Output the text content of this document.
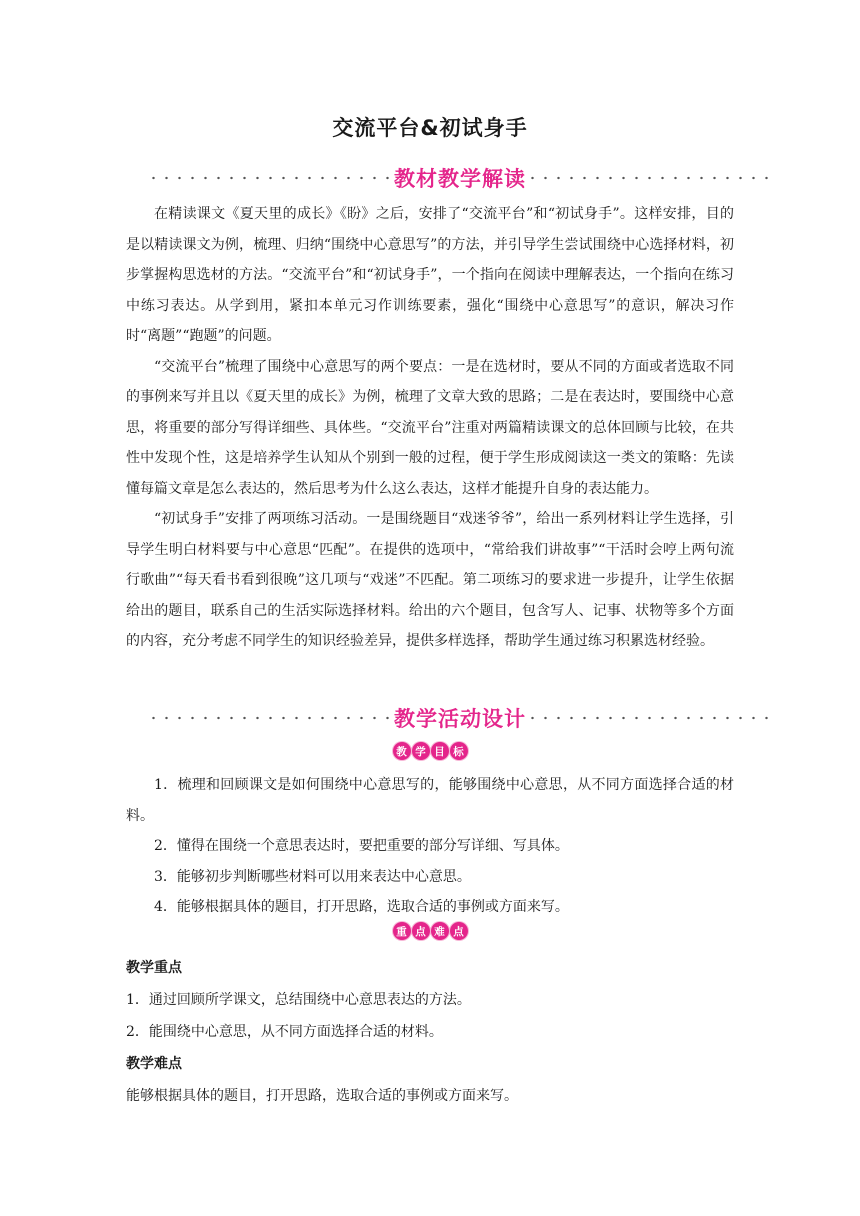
交流平台&初试身手
教材教学解读

在精读课文《夏天里的成长》《盼》之后，安排了“交流平台”和“初试身手”。这样安排，目的是以精读课文为例，梳理、归纳“围绕中心意思写”的方法，并引导学生尝试围绕中心选择材料，初步掌握构思选材的方法。“交流平台”和“初试身手”，一个指向在阅读中理解表达，一个指向在练习中练习表达。从学到用，紧扣本单元习作训练要素，强化“围绕中心意思写”的意识，解决习作时“离题”“跑题”的问题。

“交流平台”梳理了围绕中心意思写的两个要点：一是在选材时，要从不同的方面或者选取不同的事例来写并且以《夏天里的成长》为例，梳理了文章大致的思路；二是在表达时，要围绕中心意思，将重要的部分写得详细些、具体些。“交流平台”注重对两篇精读课文的总体回顾与比较，在共性中发现个性，这是培养学生认知从个别到一般的过程，便于学生形成阅读这一类文的策略：先读懂每篇文章是怎么表达的，然后思考为什么这么表达，这样才能提升自身的表达能力。

“初试身手”安排了两项练习活动。一是围绕题目“戏迷爷爷”，给出一系列材料让学生选择，引导学生明白材料要与中心意思“匹配”。在提供的选项中，“常给我们讲故事”“干活时会哼上两句流行歌曲”“每天看书看到很晚”这几项与“戏迷”不匹配。第二项练习的要求进一步提升，让学生依据给出的题目，联系自己的生活实际选择材料。给出的六个题目，包含写人、记事、状物等多个方面的内容，充分考虑不同学生的知识经验差异，提供多样选择，帮助学生通过练习积累选材经验。

教学活动设计
教 学 目 标

1．梳理和回顾课文是如何围绕中心意思写的，能够围绕中心意思，从不同方面选择合适的材料。

2．懂得在围绕一个意思表达时，要把重要的部分写详细、写具体。

3．能够初步判断哪些材料可以用来表达中心意思。

4．能够根据具体的题目，打开思路，选取合适的事例或方面来写。

重 点 难 点

教学重点

1．通过回顾所学课文，总结围绕中心意思表达的方法。

2．能围绕中心意思，从不同方面选择合适的材料。

教学难点

能够根据具体的题目，打开思路，选取合适的事例或方面来写。
